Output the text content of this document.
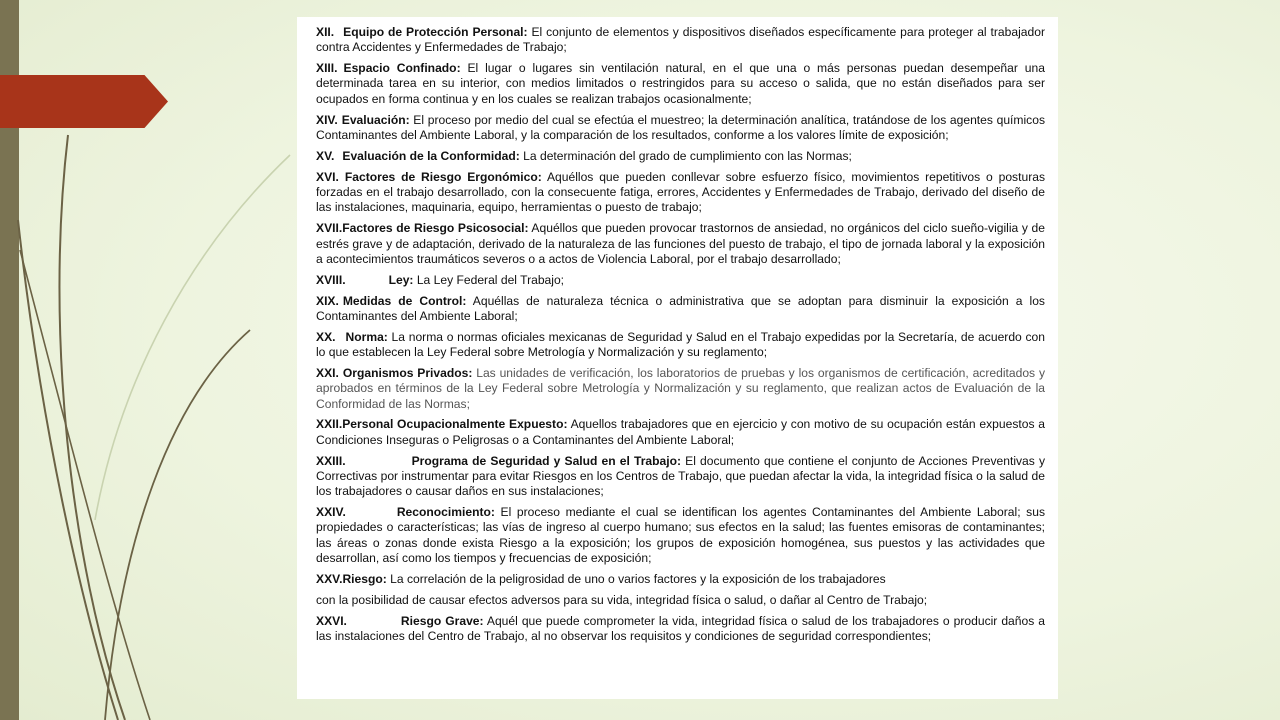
XII. Equipo de Protección Personal: El conjunto de elementos y dispositivos diseñados específicamente para proteger al trabajador contra Accidentes y Enfermedades de Trabajo;

XIII. Espacio Confinado: El lugar o lugares sin ventilación natural, en el que una o más personas puedan desempeñar una determinada tarea en su interior, con medios limitados o restringidos para su acceso o salida, que no están diseñados para ser ocupados en forma continua y en los cuales se realizan trabajos ocasionalmente;

XIV. Evaluación: El proceso por medio del cual se efectúa el muestreo; la determinación analítica, tratándose de los agentes químicos Contaminantes del Ambiente Laboral, y la comparación de los resultados, conforme a los valores límite de exposición;

XV. Evaluación de la Conformidad: La determinación del grado de cumplimiento con las Normas;

XVI. Factores de Riesgo Ergonómico: Aquéllos que pueden conllevar sobre esfuerzo físico, movimientos repetitivos o posturas forzadas en el trabajo desarrollado, con la consecuente fatiga, errores, Accidentes y Enfermedades de Trabajo, derivado del diseño de las instalaciones, maquinaria, equipo, herramientas o puesto de trabajo;

XVII.Factores de Riesgo Psicosocial: Aquéllos que pueden provocar trastornos de ansiedad, no orgánicos del ciclo sueño-vigilia y de estrés grave y de adaptación, derivado de la naturaleza de las funciones del puesto de trabajo, el tipo de jornada laboral y la exposición a acontecimientos traumáticos severos o a actos de Violencia Laboral, por el trabajo desarrollado;

XVIII.	Ley: La Ley Federal del Trabajo;

XIX. Medidas de Control: Aquéllas de naturaleza técnica o administrativa que se adoptan para disminuir la exposición a los Contaminantes del Ambiente Laboral;

XX. Norma: La norma o normas oficiales mexicanas de Seguridad y Salud en el Trabajo expedidas por la Secretaría, de acuerdo con lo que establecen la Ley Federal sobre Metrología y Normalización y su reglamento;

XXI. Organismos Privados: Las unidades de verificación, los laboratorios de pruebas y los organismos de certificación, acreditados y aprobados en términos de la Ley Federal sobre Metrología y Normalización y su reglamento, que realizan actos de Evaluación de la Conformidad de las Normas;

XXII.Personal Ocupacionalmente Expuesto: Aquellos trabajadores que en ejercicio y con motivo de su ocupación están expuestos a Condiciones Inseguras o Peligrosas o a Contaminantes del Ambiente Laboral;

XXIII.	Programa de Seguridad y Salud en el Trabajo: El documento que contiene el conjunto de Acciones Preventivas y Correctivas por instrumentar para evitar Riesgos en los Centros de Trabajo, que puedan afectar la vida, la integridad física o la salud de los trabajadores o causar daños en sus instalaciones;

XXIV.	Reconocimiento: El proceso mediante el cual se identifican los agentes Contaminantes del Ambiente Laboral; sus propiedades o características; las vías de ingreso al cuerpo humano; sus efectos en la salud; las fuentes emisoras de contaminantes; las áreas o zonas donde exista Riesgo a la exposición; los grupos de exposición homogénea, sus puestos y las actividades que desarrollan, así como los tiempos y frecuencias de exposición;

XXV.Riesgo: La correlación de la peligrosidad de uno o varios factores y la exposición de los trabajadores

con la posibilidad de causar efectos adversos para su vida, integridad física o salud, o dañar al Centro de Trabajo;

XXVI.	Riesgo Grave: Aquél que puede comprometer la vida, integridad física o salud de los trabajadores o producir daños a las instalaciones del Centro de Trabajo, al no observar los requisitos y condiciones de seguridad correspondientes;
